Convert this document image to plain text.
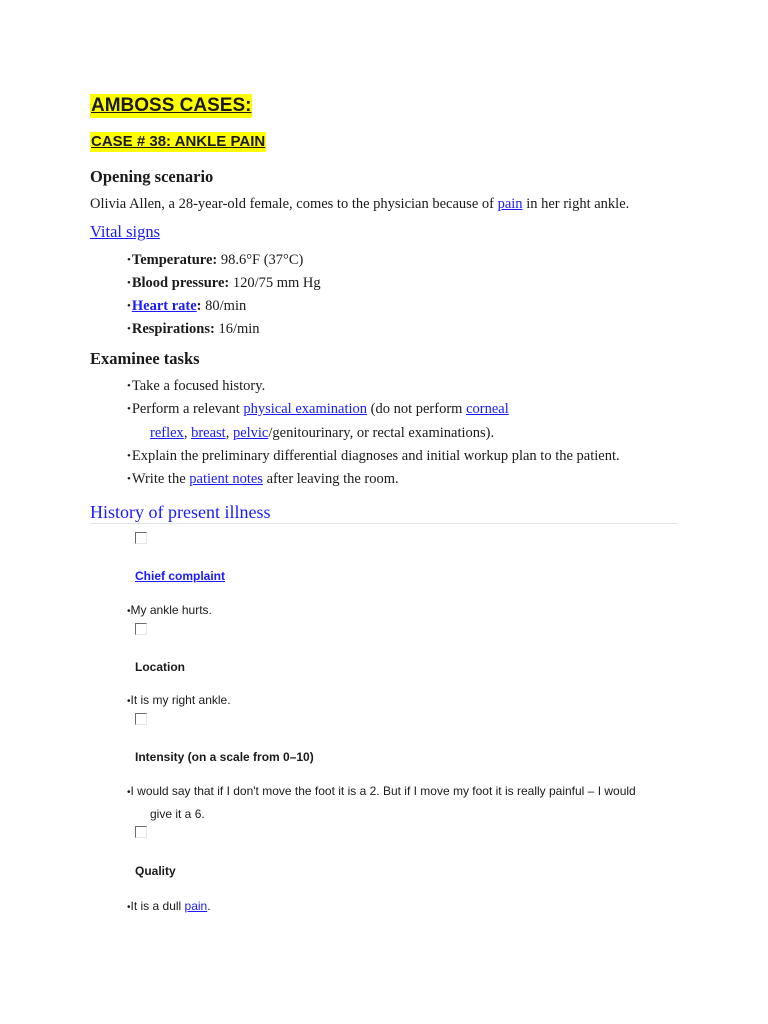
AMBOSS CASES:
CASE # 38: ANKLE PAIN
Opening scenario
Olivia Allen, a 28-year-old female, comes to the physician because of pain in her right ankle.
Vital signs
•Temperature: 98.6°F (37°C)
•Blood pressure: 120/75 mm Hg
•Heart rate: 80/min
•Respirations: 16/min
Examinee tasks
•Take a focused history.
•Perform a relevant physical examination (do not perform corneal
reflex, breast, pelvic/genitourinary, or rectal examinations).
•Explain the preliminary differential diagnoses and initial workup plan to the patient.
•Write the patient notes after leaving the room.
History of present illness
Chief complaint
•My ankle hurts.
Location
•It is my right ankle.
Intensity (on a scale from 0–10)
•I would say that if I don't move the foot it is a 2. But if I move my foot it is really painful – I would
give it a 6.
Quality
•It is a dull pain.
